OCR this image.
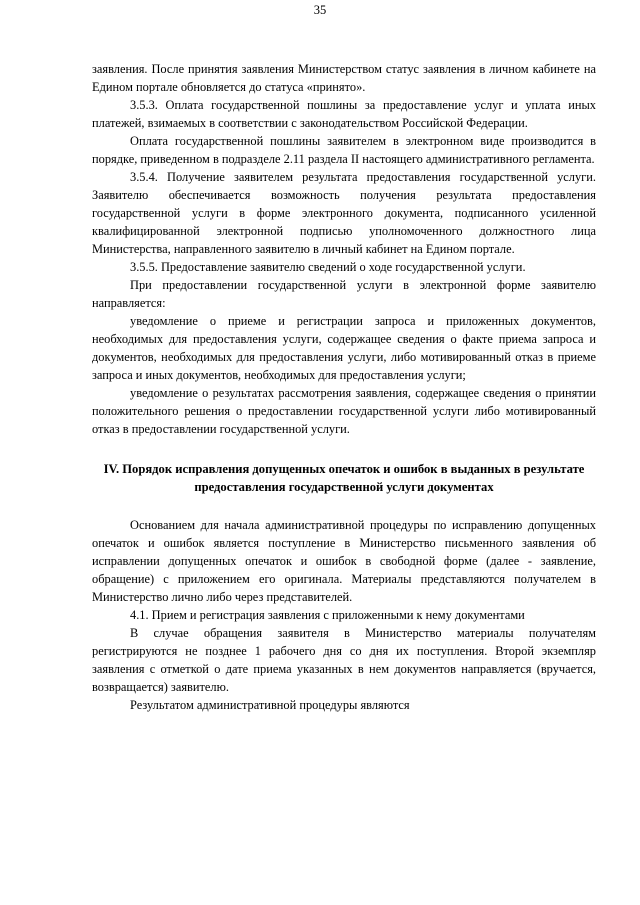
35

заявления. После принятия заявления Министерством статус заявления в личном кабинете на Едином портале обновляется до статуса «принято».

3.5.3. Оплата государственной пошлины за предоставление услуг и уплата иных платежей, взимаемых в соответствии с законодательством Российской Федерации.

Оплата государственной пошлины заявителем в электронном виде производится в порядке, приведенном в подразделе 2.11 раздела II настоящего административного регламента.

3.5.4. Получение заявителем результата предоставления государственной услуги. Заявителю обеспечивается возможность получения результата предоставления государственной услуги в форме электронного документа, подписанного усиленной квалифицированной электронной подписью уполномоченного должностного лица Министерства, направленного заявителю в личный кабинет на Едином портале.

3.5.5. Предоставление заявителю сведений о ходе государственной услуги.

При предоставлении государственной услуги в электронной форме заявителю направляется:

уведомление о приеме и регистрации запроса и приложенных документов, необходимых для предоставления услуги, содержащее сведения о факте приема запроса и документов, необходимых для предоставления услуги, либо мотивированный отказ в приеме запроса и иных документов, необходимых для предоставления услуги;

уведомление о результатах рассмотрения заявления, содержащее сведения о принятии положительного решения о предоставлении государственной услуги либо мотивированный отказ в предоставлении государственной услуги.

IV. Порядок исправления допущенных опечаток и ошибок в выданных в результате предоставления государственной услуги документах

Основанием для начала административной процедуры по исправлению допущенных опечаток и ошибок является поступление в Министерство письменного заявления об исправлении допущенных опечаток и ошибок в свободной форме (далее - заявление, обращение) с приложением его оригинала. Материалы представляются получателем в Министерство лично либо через представителей.

4.1. Прием и регистрация заявления с приложенными к нему документами

В случае обращения заявителя в Министерство материалы получателям регистрируются не позднее 1 рабочего дня со дня их поступления. Второй экземпляр заявления с отметкой о дате приема указанных в нем документов направляется (вручается, возвращается) заявителю.

Результатом административной процедуры являются
